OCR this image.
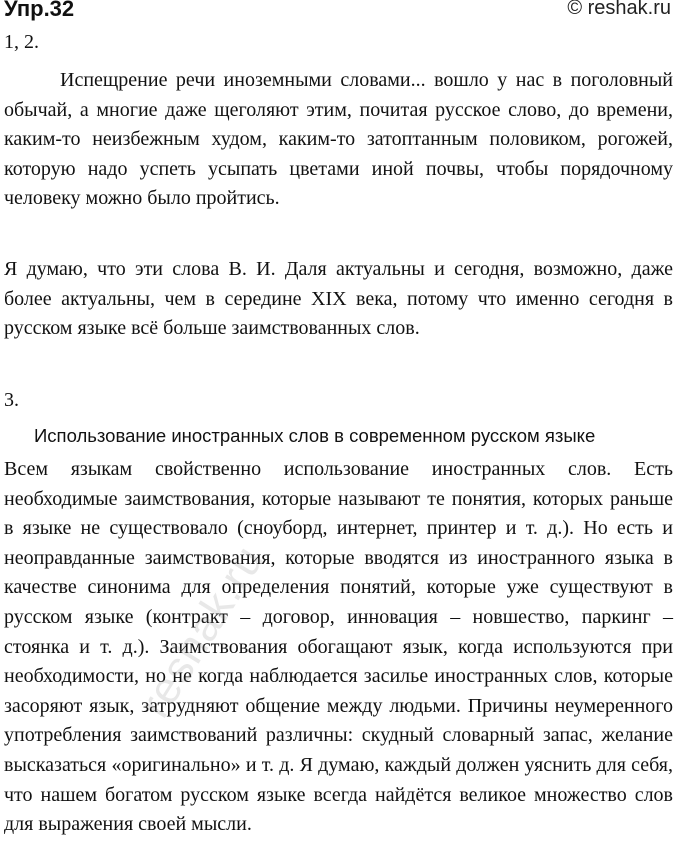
Упр.32	© reshak.ru
1, 2.

Испещрение речи иноземными словами... вошло у нас в поголовный обычай, а многие даже щеголяют этим, почитая русское слово, до времени, каким-то неизбежным худом, каким-то затоптанным половиком, рогожей, которую надо успеть усыпать цветами иной почвы, чтобы порядочному человеку можно было пройтись.

Я думаю, что эти слова В. И. Даля актуальны и сегодня, возможно, даже более актуальны, чем в середине XIX века, потому что именно сегодня в русском языке всё больше заимствованных слов.

3.
Использование иностранных слов в современном русском языке

Всем языкам свойственно использование иностранных слов. Есть необходимые заимствования, которые называют те понятия, которых раньше в языке не существовало (сноуборд, интернет, принтер и т. д.). Но есть и неоправданные заимствования, которые вводятся из иностранного языка в качестве синонима для определения понятий, которые уже существуют в русском языке (контракт – договор, инновация – новшество, паркинг – стоянка и т. д.). Заимствования обогащают язык, когда используются при необходимости, но не когда наблюдается засилье иностранных слов, которые засоряют язык, затрудняют общение между людьми. Причины неумеренного употребления заимствований различны: скудный словарный запас, желание высказаться «оригинально» и т. д. Я думаю, каждый должен уяснить для себя, что нашем богатом русском языке всегда найдётся великое множество слов для выражения своей мысли.

reshak.ru
